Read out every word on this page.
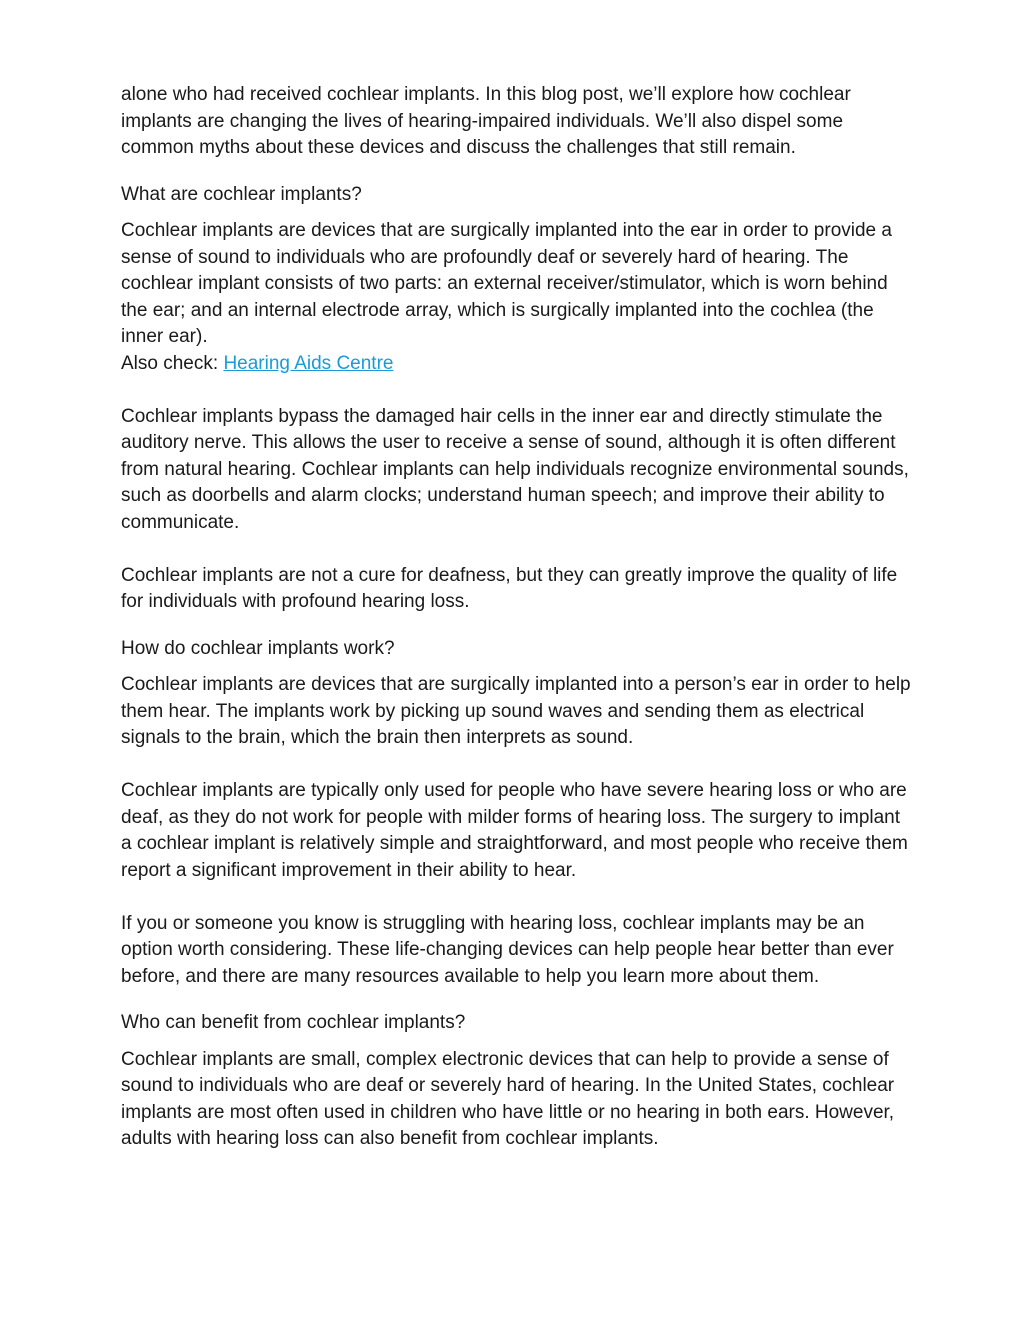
alone who had received cochlear implants. In this blog post, we’ll explore how cochlear implants are changing the lives of hearing-impaired individuals. We’ll also dispel some common myths about these devices and discuss the challenges that still remain.

What are cochlear implants?

Cochlear implants are devices that are surgically implanted into the ear in order to provide a sense of sound to individuals who are profoundly deaf or severely hard of hearing. The cochlear implant consists of two parts: an external receiver/stimulator, which is worn behind the ear; and an internal electrode array, which is surgically implanted into the cochlea (the inner ear).

Also check: Hearing Aids Centre

Cochlear implants bypass the damaged hair cells in the inner ear and directly stimulate the auditory nerve. This allows the user to receive a sense of sound, although it is often different from natural hearing. Cochlear implants can help individuals recognize environmental sounds, such as doorbells and alarm clocks; understand human speech; and improve their ability to communicate.

Cochlear implants are not a cure for deafness, but they can greatly improve the quality of life for individuals with profound hearing loss.

How do cochlear implants work?

Cochlear implants are devices that are surgically implanted into a person’s ear in order to help them hear. The implants work by picking up sound waves and sending them as electrical signals to the brain, which the brain then interprets as sound.

Cochlear implants are typically only used for people who have severe hearing loss or who are deaf, as they do not work for people with milder forms of hearing loss. The surgery to implant a cochlear implant is relatively simple and straightforward, and most people who receive them report a significant improvement in their ability to hear.

If you or someone you know is struggling with hearing loss, cochlear implants may be an option worth considering. These life-changing devices can help people hear better than ever before, and there are many resources available to help you learn more about them.

Who can benefit from cochlear implants?

Cochlear implants are small, complex electronic devices that can help to provide a sense of sound to individuals who are deaf or severely hard of hearing. In the United States, cochlear implants are most often used in children who have little or no hearing in both ears. However, adults with hearing loss can also benefit from cochlear implants.
